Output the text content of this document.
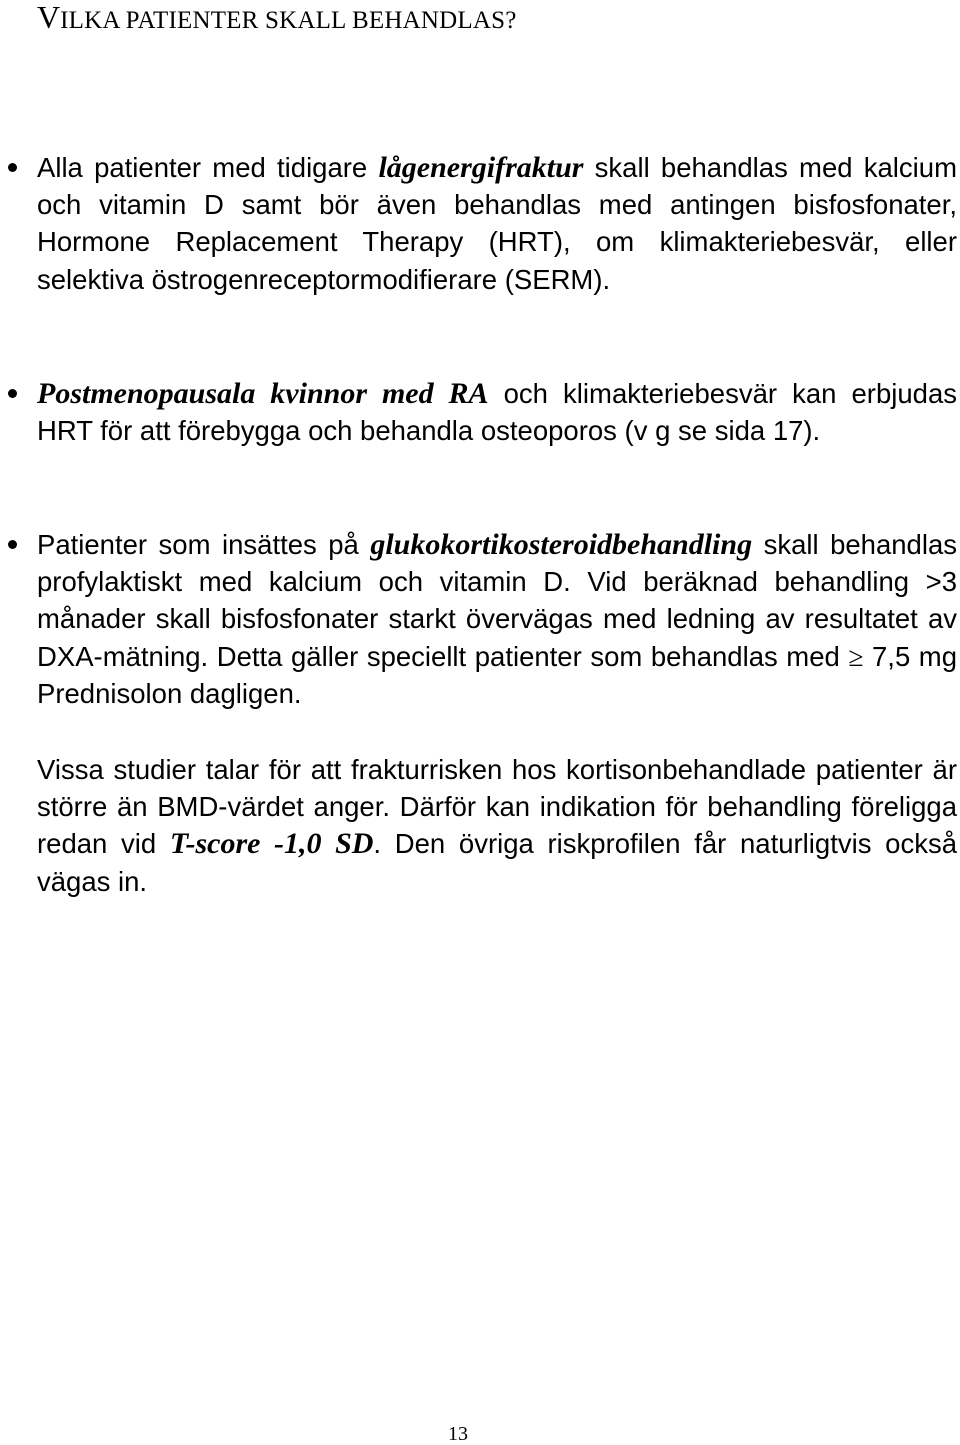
VILKA PATIENTER SKALL BEHANDLAS?

Alla patienter med tidigare lågenergifraktur skall behandlas med kalcium och vitamin D samt bör även behandlas med antingen bisfosfonater, Hormone Replacement Therapy (HRT), om klimakteriebesvär, eller selektiva östrogenreceptormodifierare (SERM).

Postmenopausala kvinnor med RA och klimakteriebesvär kan erbjudas HRT för att förebygga och behandla osteoporos (v g se sida 17).

Patienter som insättes på glukokortikosteroidbehandling skall behandlas profylaktiskt med kalcium och vitamin D. Vid beräknad behandling >3 månader skall bisfosfonater starkt övervägas med ledning av resultatet av DXA-mätning. Detta gäller speciellt patienter som behandlas med ≥ 7,5 mg Prednisolon dagligen.

Vissa studier talar för att frakturrisken hos kortisonbehandlade patienter är större än BMD-värdet anger. Därför kan indikation för behandling föreligga redan vid T-score -1,0 SD. Den övriga riskprofilen får naturligtvis också vägas in.

13
